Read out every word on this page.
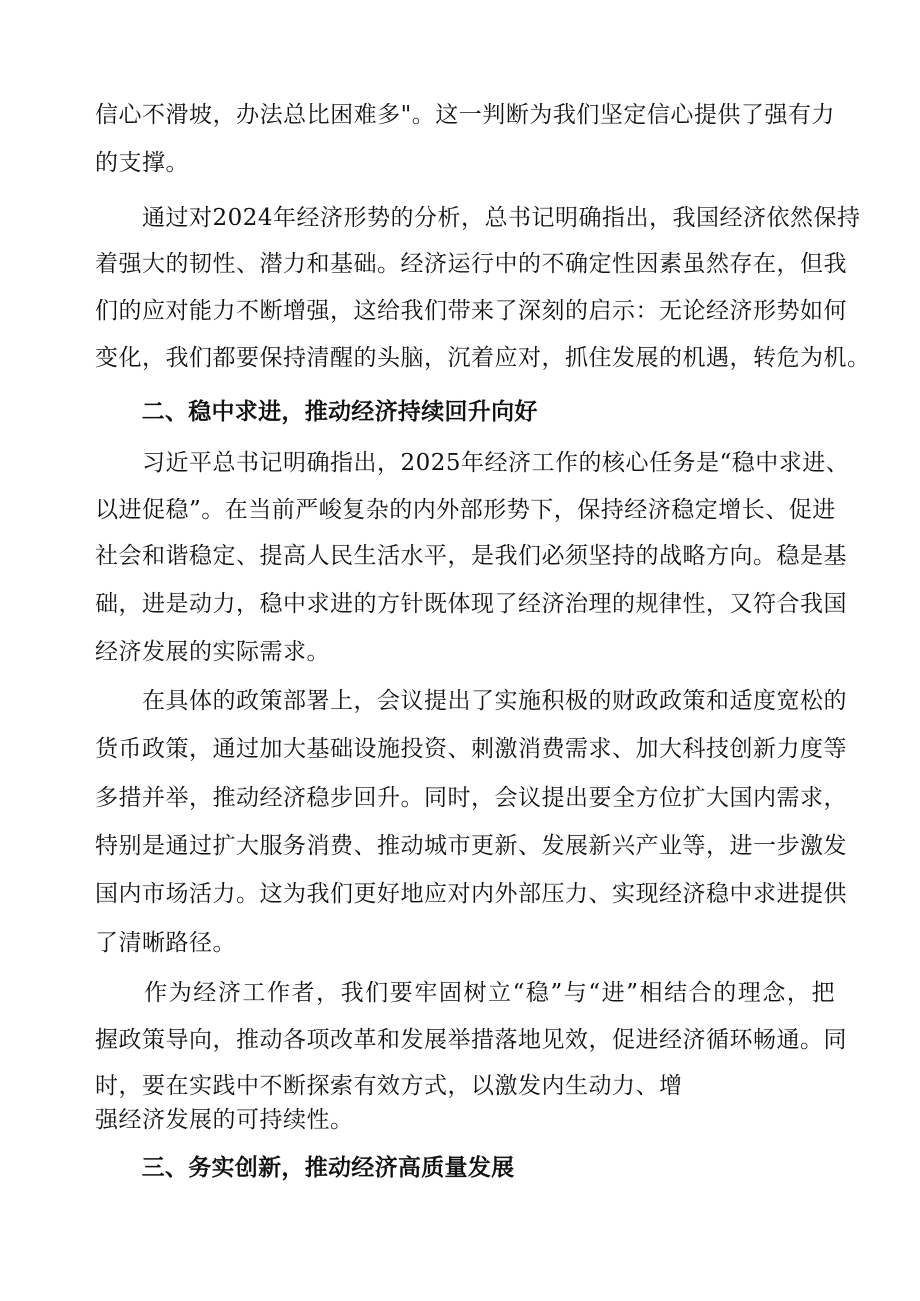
信心不滑坡，办法总比困难多"。这一判断为我们坚定信心提供了强有力
的支撑。
　　通过对2024年经济形势的分析，总书记明确指出，我国经济依然保持
着强大的韧性、潜力和基础。经济运行中的不确定性因素虽然存在，但我
们的应对能力不断增强，这给我们带来了深刻的启示：无论经济形势如何
变化，我们都要保持清醒的头脑，沉着应对，抓住发展的机遇，转危为机。
　　二、稳中求进，推动经济持续回升向好
　　习近平总书记明确指出，2025年经济工作的核心任务是“稳中求进、
以进促稳”。在当前严峻复杂的内外部形势下，保持经济稳定增长、促进
社会和谐稳定、提高人民生活水平，是我们必须坚持的战略方向。稳是基
础，进是动力，稳中求进的方针既体现了经济治理的规律性，又符合我国
经济发展的实际需求。
　　在具体的政策部署上，会议提出了实施积极的财政政策和适度宽松的
货币政策，通过加大基础设施投资、刺激消费需求、加大科技创新力度等
多措并举，推动经济稳步回升。同时，会议提出要全方位扩大国内需求，
特别是通过扩大服务消费、推动城市更新、发展新兴产业等，进一步激发
国内市场活力。这为我们更好地应对内外部压力、实现经济稳中求进提供
了清晰路径。
　　作为经济工作者，我们要牢固树立“稳”与“进”相结合的理念，把
握政策导向，推动各项改革和发展举措落地见效，促进经济循环畅通。同
时，要在实践中不断探索有效方式，以激发内生动力、增
强经济发展的可持续性。
　　三、务实创新，推动经济高质量发展
